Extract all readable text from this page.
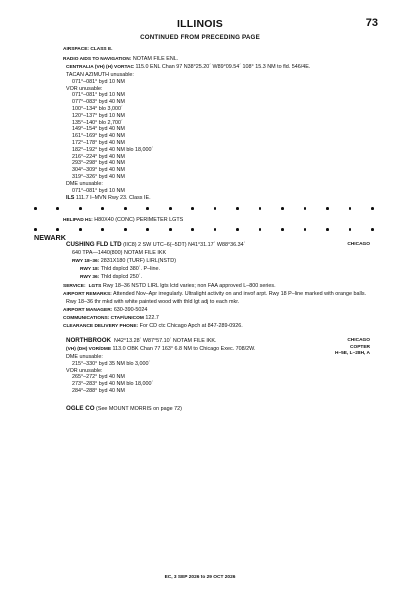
ILLINOIS	73
CONTINUED FROM PRECEDING PAGE
AIRSPACE: CLASS E.
RADIO AIDS TO NAVIGATION: NOTAM FILE ENL.
CENTRALIA (VH) (H) VORTAC 115.0 ENL Chan 97 N38°25.20´ W89°09.54´ 108° 15.3 NM to fld. 546/4E.
TACAN AZIMUTH unusable:
071°–081° byd 10 NM
VOR unusable:
071°–081° byd 10 NM
077°–083° byd 40 NM
100°–134° blo 3,000´
120°–137° byd 10 NM
135°–140° blo 2,700´
149°–154° byd 40 NM
161°–169° byd 40 NM
172°–178° byd 40 NM
182°–192° byd 40 NM blo 18,000´
216°–224° byd 40 NM
293°–298° byd 40 NM
304°–309° byd 40 NM
319°–326° byd 40 NM
DME unusable:
071°–081° byd 10 NM
ILS 111.7 I–MVN Rwy 23. Class IE.
HELIPAD H1: H80X40 (CONC) PERIMETER LGTS
NEWARK
CUSHING FLD LTD (IIC8) 2 SW UTC–6(–5DT) N41°31.17´ W88°36.34´	CHICAGO
640 TPA—1440(800) NOTAM FILE IKK
RWY 18–36: 2831X180 (TURF) LIRL(NSTD)
RWY 18: Thld dsplcd 380´. P–line.
RWY 36: Thld dsplcd 250´.
SERVICE: LGTS Rwy 18–36 NSTD LIRL lgts lctd varies; non FAA approved L–800 series.
AIRPORT REMARKS: Attended Nov–Apr irregularly. Ultralight activity on and invof arpt. Rwy 18 P–line marked with orange balls.
Rwy 18–36 thr mkd with white painted wood with thld lgt adj to each mkr.
AIRPORT MANAGER: 630-390-5024
COMMUNICATIONS: CTAF/UNICOM 122.7
CLEARANCE DELIVERY PHONE: For CD ctc Chicago Apch at 847-289-0926.
NORTHBROOK N42°13.28´ W87°57.10´ NOTAM FILE IKK.	CHICAGO
COPTER
H–5E, L–28H, A
(VH) (DH) VOR/DME 113.0 OBK Chan 77 163° 6.8 NM to Chicago Exec. 708/2W.
DME unusable:
215°–330° byd 35 NM blo 3,000´
VOR unusable:
265°–272° byd 40 NM
273°–283° byd 40 NM blo 18,000´
284°–288° byd 40 NM
OGLE CO (See MOUNT MORRIS on page 72)
EC, 3 SEP 2026 to 29 OCT 2026
